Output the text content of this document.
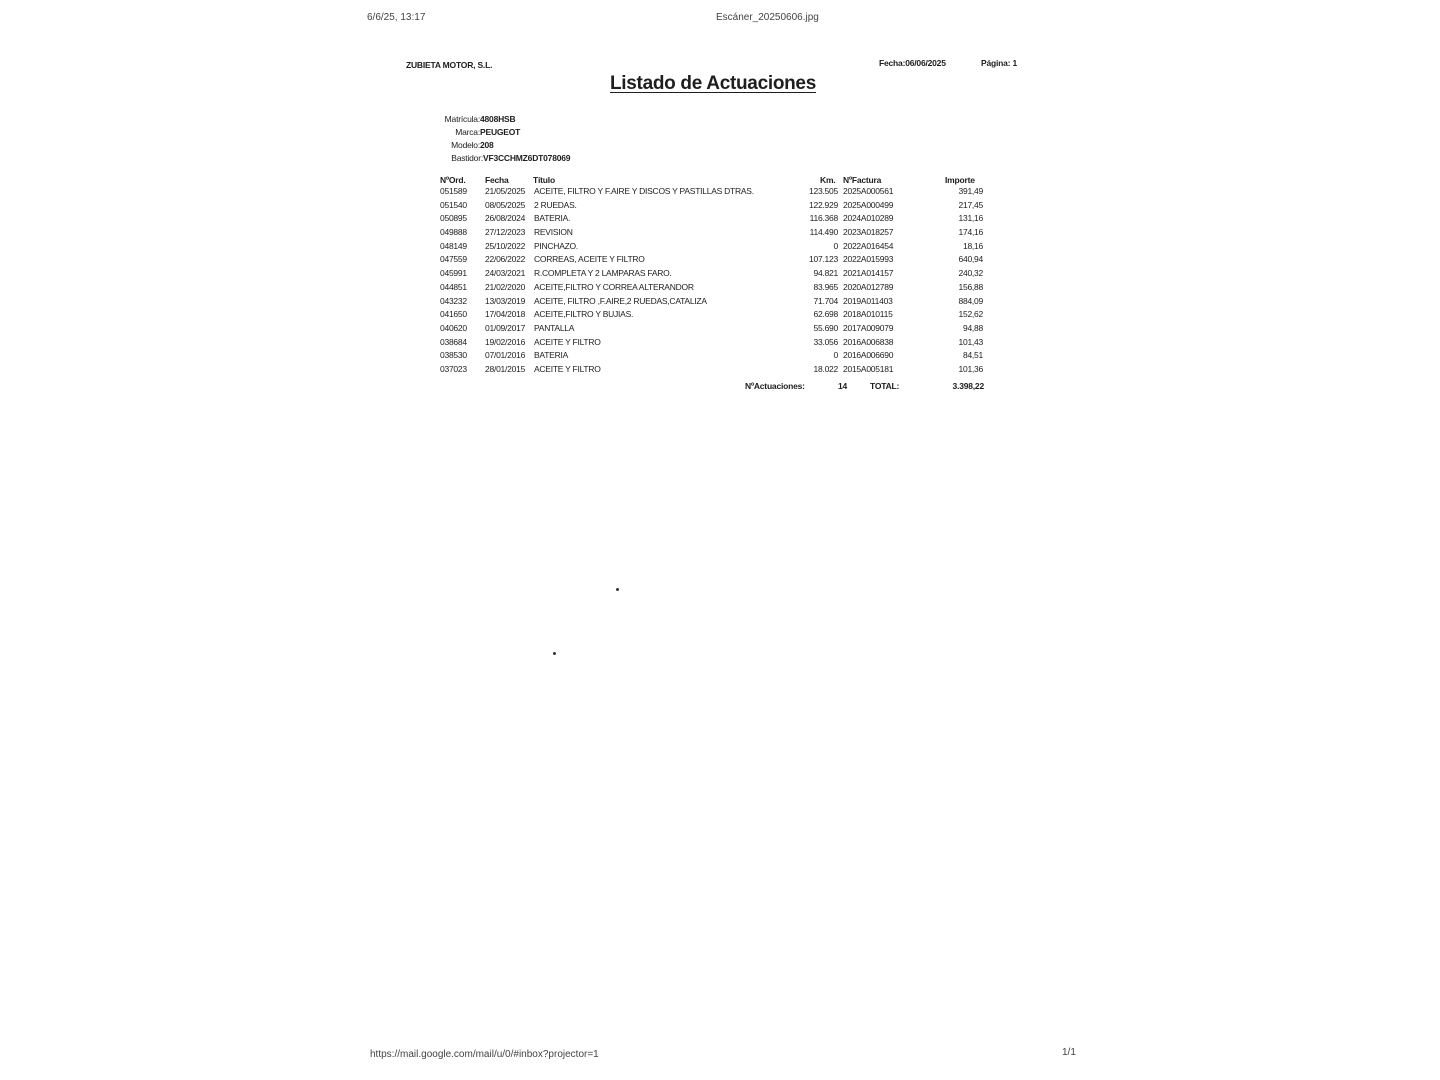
6/6/25, 13:17	Escáner_20250606.jpg
ZUBIETA MOTOR, S.L.	Fecha:06/06/2025	Página: 1
Listado de Actuaciones
Matrícula:4808HSB
Marca:PEUGEOT
Modelo:208
Bastidor:VF3CCHMZ6DT078069
NºOrd. Fecha	Título	Km. NºFactura	Importe
051589 21/05/2025 ACEITE, FILTRO Y F.AIRE Y DISCOS Y PASTILLAS DTRAS.	123.505 2025A000561	391,49
051540 08/05/2025 2 RUEDAS.	122.929 2025A000499	217,45
050895 26/08/2024 BATERIA.	116.368 2024A010289	131,16
049888 27/12/2023 REVISION	114.490 2023A018257	174,16
048149 25/10/2022 PINCHAZO.	0 2022A016454	18,16
047559 22/06/2022 CORREAS, ACEITE Y FILTRO	107.123 2022A015993	640,94
045991 24/03/2021 R.COMPLETA Y 2 LAMPARAS FARO.	94.821 2021A014157	240,32
044851 21/02/2020 ACEITE,FILTRO Y CORREA ALTERANDOR	83.965 2020A012789	156,88
043232 13/03/2019 ACEITE, FILTRO ,F.AIRE,2 RUEDAS,CATALIZA	71.704 2019A011403	884,09
041650 17/04/2018 ACEITE,FILTRO Y BUJIAS.	62.698 2018A010115	152,62
040620 01/09/2017 PANTALLA	55.690 2017A009079	94,88
038684 19/02/2016 ACEITE Y FILTRO	33.056 2016A006838	101,43
038530 07/01/2016 BATERIA	0 2016A006690	84,51
037023 28/01/2015 ACEITE Y FILTRO	18.022 2015A005181	101,36
NºActuaciones:	14	TOTAL:	3.398,22
https://mail.google.com/mail/u/0/#inbox?projector=1	1/1
